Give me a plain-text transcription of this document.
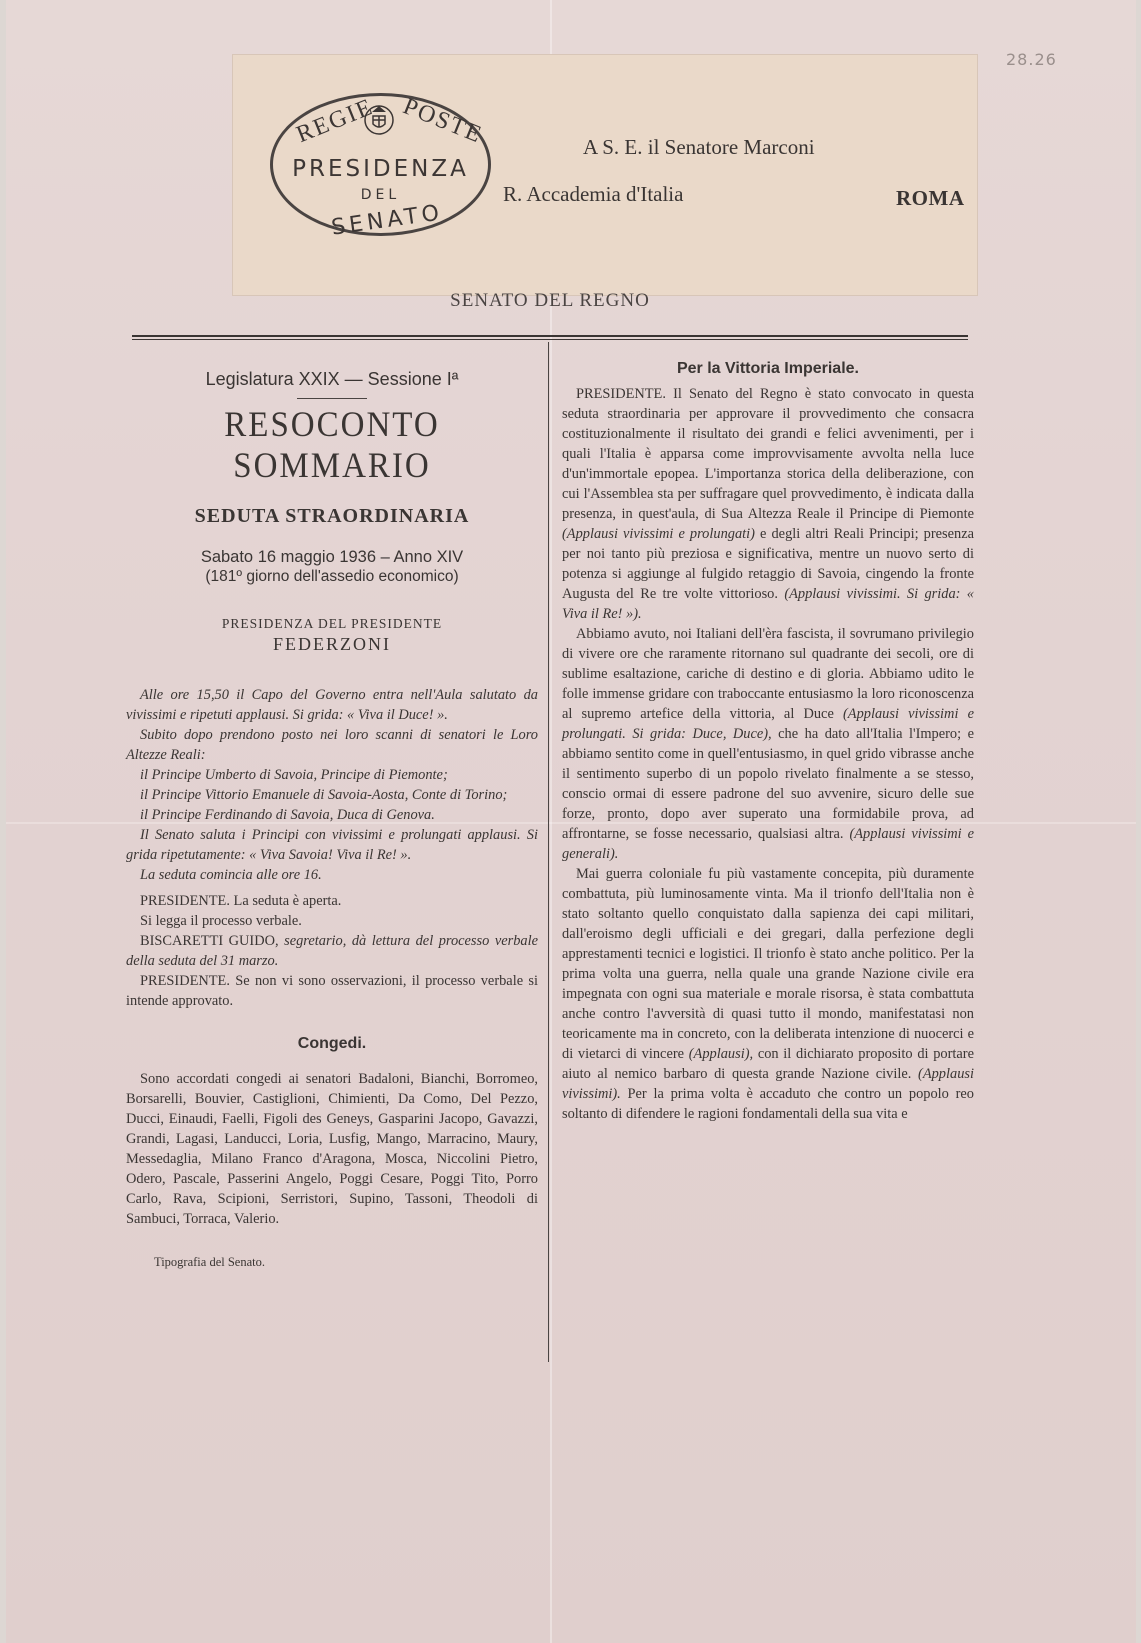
REGIE POSTE
PRESIDENZA
DEL
SENATO
A S. E. il Senatore Marconi
R. Accademia d'Italia	ROMA
28.26
SENATO DEL REGNO
Legislatura XXIX — Sessione Iª
RESOCONTO SOMMARIO
SEDUTA STRAORDINARIA
Sabato 16 maggio 1936 – Anno XIV
(181º giorno dell'assedio economico)
PRESIDENZA DEL PRESIDENTE
FEDERZONI

Alle ore 15,50 il Capo del Governo entra nell'Aula salutato da vivissimi e ripetuti applausi. Si grida: « Viva il Duce! ».

Subito dopo prendono posto nei loro scanni di senatori le Loro Altezze Reali:

il Principe Umberto di Savoia, Principe di Piemonte;

il Principe Vittorio Emanuele di Savoia-Aosta, Conte di Torino;

il Principe Ferdinando di Savoia, Duca di Genova.

Il Senato saluta i Principi con vivissimi e prolungati applausi. Si grida ripetutamente: « Viva Savoia! Viva il Re! ».

La seduta comincia alle ore 16.

PRESIDENTE. La seduta è aperta.

Si legga il processo verbale.

BISCARETTI GUIDO, segretario, dà lettura del processo verbale della seduta del 31 marzo.

PRESIDENTE. Se non vi sono osservazioni, il processo verbale si intende approvato.

Congedi.

Sono accordati congedi ai senatori Badaloni, Bianchi, Borromeo, Borsarelli, Bouvier, Castiglioni, Chimienti, Da Como, Del Pezzo, Ducci, Einaudi, Faelli, Figoli des Geneys, Gasparini Jacopo, Gavazzi, Grandi, Lagasi, Landucci, Loria, Lusfig, Mango, Marracino, Maury, Messedaglia, Milano Franco d'Aragona, Mosca, Niccolini Pietro, Odero, Pascale, Passerini Angelo, Poggi Cesare, Poggi Tito, Porro Carlo, Rava, Scipioni, Serristori, Supino, Tassoni, Theodoli di Sambuci, Torraca, Valerio.

Tipografia del Senato.
Per la Vittoria Imperiale.

PRESIDENTE. Il Senato del Regno è stato convocato in questa seduta straordinaria per approvare il provvedimento che consacra costituzionalmente il risultato dei grandi e felici avvenimenti, per i quali l'Italia è apparsa come improvvisamente avvolta nella luce d'un'immortale epopea. L'importanza storica della deliberazione, con cui l'Assemblea sta per suffragare quel provvedimento, è indicata dalla presenza, in quest'aula, di Sua Altezza Reale il Principe di Piemonte (Applausi vivissimi e prolungati) e degli altri Reali Principi; presenza per noi tanto più preziosa e significativa, mentre un nuovo serto di potenza si aggiunge al fulgido retaggio di Savoia, cingendo la fronte Augusta del Re tre volte vittorioso. (Applausi vivissimi. Si grida: « Viva il Re! »).

Abbiamo avuto, noi Italiani dell'èra fascista, il sovrumano privilegio di vivere ore che raramente ritornano sul quadrante dei secoli, ore di sublime esaltazione, cariche di destino e di gloria. Abbiamo udito le folle immense gridare con traboccante entusiasmo la loro riconoscenza al supremo artefice della vittoria, al Duce (Applausi vivissimi e prolungati. Si grida: Duce, Duce), che ha dato all'Italia l'Impero; e abbiamo sentito come in quell'entusiasmo, in quel grido vibrasse anche il sentimento superbo di un popolo rivelato finalmente a se stesso, conscio ormai di essere padrone del suo avvenire, sicuro delle sue forze, pronto, dopo aver superato una formidabile prova, ad affrontarne, se fosse necessario, qualsiasi altra. (Applausi vivissimi e generali).

Mai guerra coloniale fu più vastamente concepita, più duramente combattuta, più luminosamente vinta. Ma il trionfo dell'Italia non è stato soltanto quello conquistato dalla sapienza dei capi militari, dall'eroismo degli ufficiali e dei gregari, dalla perfezione degli apprestamenti tecnici e logistici. Il trionfo è stato anche politico. Per la prima volta una guerra, nella quale una grande Nazione civile era impegnata con ogni sua materiale e morale risorsa, è stata combattuta anche contro l'avversità di quasi tutto il mondo, manifestatasi non teoricamente ma in concreto, con la deliberata intenzione di nuocerci e di vietarci di vincere (Applausi), con il dichiarato proposito di portare aiuto al nemico barbaro di questa grande Nazione civile. (Applausi vivissimi). Per la prima volta è accaduto che contro un popolo reo soltanto di difendere le ragioni fondamentali della sua vita e
